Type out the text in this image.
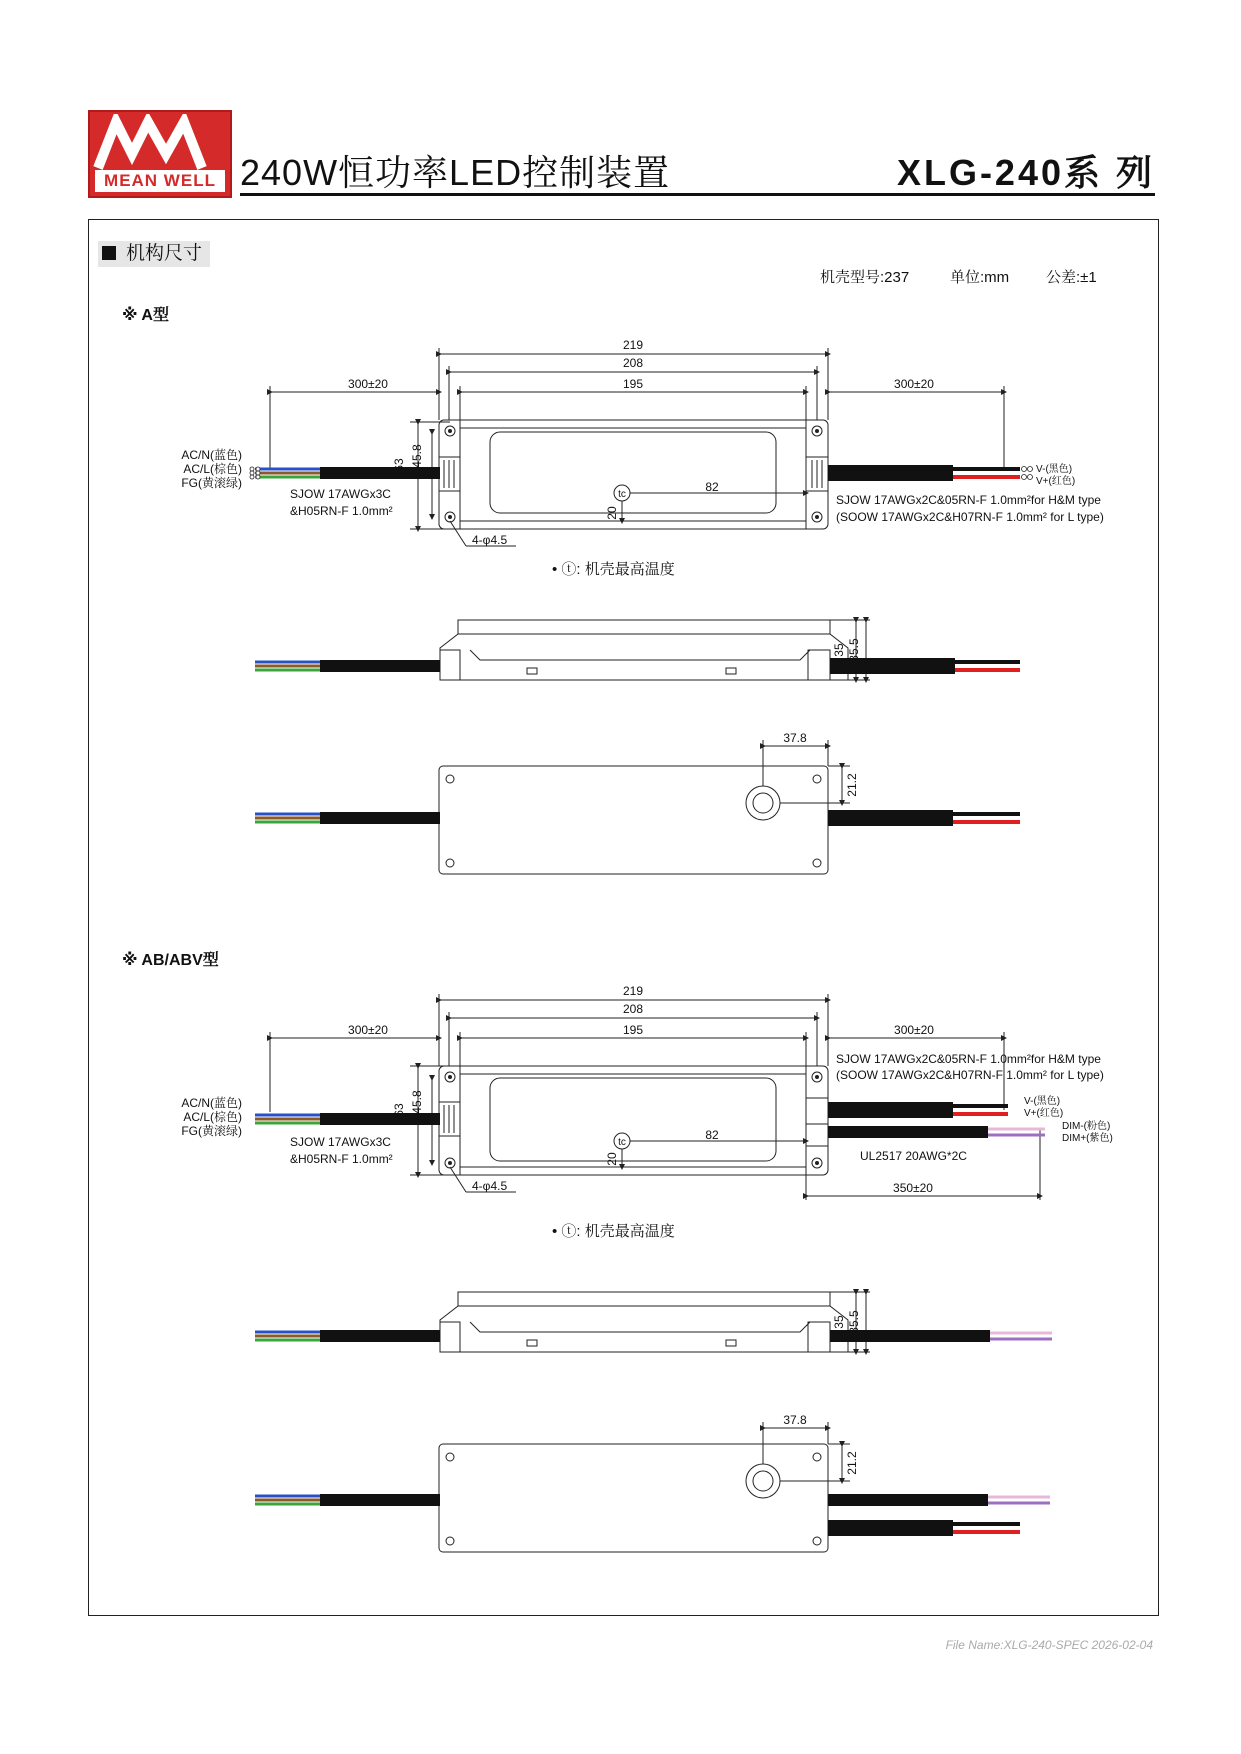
MEAN WELL 240W恒功率LED控制装置	XLG-240系 列
机构尺寸
机壳型号:237	单位:mm 公差:±1
※ A型
※ AB/ABV型
219
208
195
300±20	300±20
63 45.8
82
20
tc
4-φ4.5
AC/N(蓝色)
AC/L(棕色)
FG(黄滚绿)
SJOW 17AWGx3C
&H05RN-F 1.0mm²
V-(黑色)
V+(红色)
SJOW 17AWGx2C&05RN-F 1.0mm²for H&M type
(SOOW 17AWGx2C&H07RN-F 1.0mm² for L type)
• ⓣ: 机壳最高温度
35 35.5
37.8
21.2
219
208
195
300±20	300±20
63 45.8
82
20
tc
4-φ4.5
AC/N(蓝色)
AC/L(棕色)
FG(黄滚绿)
SJOW 17AWGx3C
&H05RN-F 1.0mm²
SJOW 17AWGx2C&05RN-F 1.0mm²for H&M type
(SOOW 17AWGx2C&H07RN-F 1.0mm² for L type)
V-(黑色)
V+(红色)
DIM-(粉色)
DIM+(紫色)
UL2517 20AWG*2C
350±20
• ⓣ: 机壳最高温度
35 35.5
37.8
21.2
File Name:XLG-240-SPEC 2026-02-04
